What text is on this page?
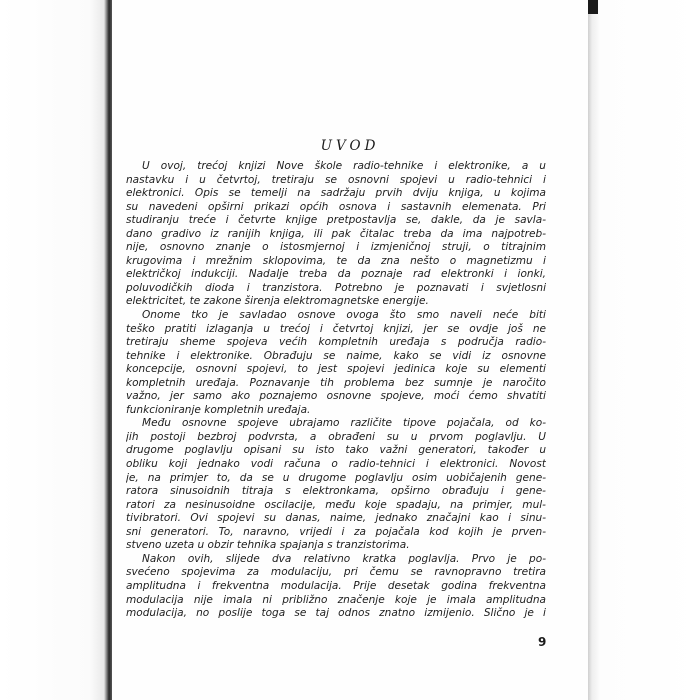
UVOD
U ovoj, trećoj knjizi Nove škole radio-tehnike i elektronike, a u
nastavku i u četvrtoj, tretiraju se osnovni spojevi u radio-tehnici i
elektronici. Opis se temelji na sadržaju prvih dviju knjiga, u kojima
su navedeni opširni prikazi općih osnova i sastavnih elemenata. Pri
studiranju treće i četvrte knjige pretpostavlja se, dakle, da je savla-
dano gradivo iz ranijih knjiga, ili pak čitalac treba da ima najpotreb-
nije, osnovno znanje o istosmjernoj i izmjeničnoj struji, o titrajnim
krugovima i mrežnim sklopovima, te da zna nešto o magnetizmu i
električkoj indukciji. Nadalje treba da poznaje rad elektronki i ionki,
poluvodičkih dioda i tranzistora. Potrebno je poznavati i svjetlosni
elektricitet, te zakone širenja elektromagnetske energije.
Onome tko je savladao osnove ovoga što smo naveli neće biti
teško pratiti izlaganja u trećoj i četvrtoj knjizi, jer se ovdje još ne
tretiraju sheme spojeva većih kompletnih uređaja s područja radio-
tehnike i elektronike. Obrađuju se naime, kako se vidi iz osnovne
koncepcije, osnovni spojevi, to jest spojevi jedinica koje su elementi
kompletnih uređaja. Poznavanje tih problema bez sumnje je naročito
važno, jer samo ako poznajemo osnovne spojeve, moći ćemo shvatiti
funkcioniranje kompletnih uređaja.
Među osnovne spojeve ubrajamo različite tipove pojačala, od ko-
jih postoji bezbroj podvrsta, a obrađeni su u prvom poglavlju. U
drugome poglavlju opisani su isto tako važni generatori, također u
obliku koji jednako vodi računa o radio-tehnici i elektronici. Novost
je, na primjer to, da se u drugome poglavlju osim uobičajenih gene-
ratora sinusoidnih titraja s elektronkama, opširno obrađuju i gene-
ratori za nesinusoidne oscilacije, među koje spadaju, na primjer, mul-
tivibratori. Ovi spojevi su danas, naime, jednako značajni kao i sinu-
sni generatori. To, naravno, vrijedi i za pojačala kod kojih je prven-
stveno uzeta u obzir tehnika spajanja s tranzistorima.
Nakon ovih, slijede dva relativno kratka poglavlja. Prvo je po-
svećeno spojevima za modulaciju, pri čemu se ravnopravno tretira
amplitudna i frekventna modulacija. Prije desetak godina frekventna
modulacija nije imala ni približno značenje koje je imala amplitudna
modulacija, no poslije toga se taj odnos znatno izmijenio. Slično je i
9
